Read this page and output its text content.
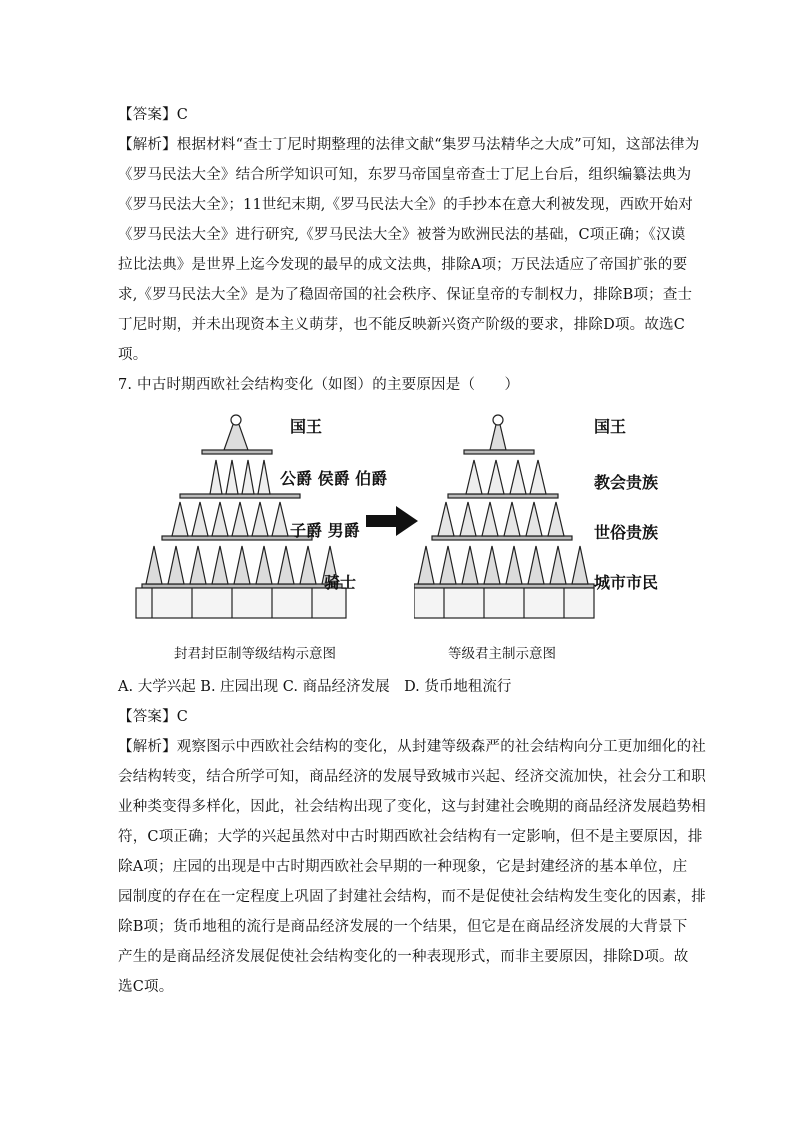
【答案】C
【解析】根据材料“查士丁尼时期整理的法律文献“集罗马法精华之大成”可知，这部法律为
《罗马民法大全》结合所学知识可知，东罗马帝国皇帝查士丁尼上台后，组织编纂法典为
《罗马民法大全》；11世纪末期,《罗马民法大全》的手抄本在意大利被发现，西欧开始对
《罗马民法大全》进行研究,《罗马民法大全》被誉为欧洲民法的基础，C项正确；《汉谟
拉比法典》是世界上迄今发现的最早的成文法典，排除A项；万民法适应了帝国扩张的要
求,《罗马民法大全》是为了稳固帝国的社会秩序、保证皇帝的专制权力，排除B项；查士
丁尼时期，并未出现资本主义萌芽，也不能反映新兴资产阶级的要求，排除D项。故选C
项。
7. 中古时期西欧社会结构变化（如图）的主要原因是（　　）
国王
公爵 侯爵 伯爵
子爵 男爵
骑士
国王
教会贵族
世俗贵族
城市市民
封君封臣制等级结构示意图	等级君主制示意图
A. 大学兴起 B. 庄园出现 C. 商品经济发展　D. 货币地租流行
【答案】C
【解析】观察图示中西欧社会结构的变化，从封建等级森严的社会结构向分工更加细化的社
会结构转变，结合所学可知，商品经济的发展导致城市兴起、经济交流加快，社会分工和职
业种类变得多样化，因此，社会结构出现了变化，这与封建社会晚期的商品经济发展趋势相
符，C项正确；大学的兴起虽然对中古时期西欧社会结构有一定影响，但不是主要原因，排
除A项；庄园的出现是中古时期西欧社会早期的一种现象，它是封建经济的基本单位，庄
园制度的存在在一定程度上巩固了封建社会结构，而不是促使社会结构发生变化的因素，排
除B项；货币地租的流行是商品经济发展的一个结果，但它是在商品经济发展的大背景下
产生的是商品经济发展促使社会结构变化的一种表现形式，而非主要原因，排除D项。故
选C项。
